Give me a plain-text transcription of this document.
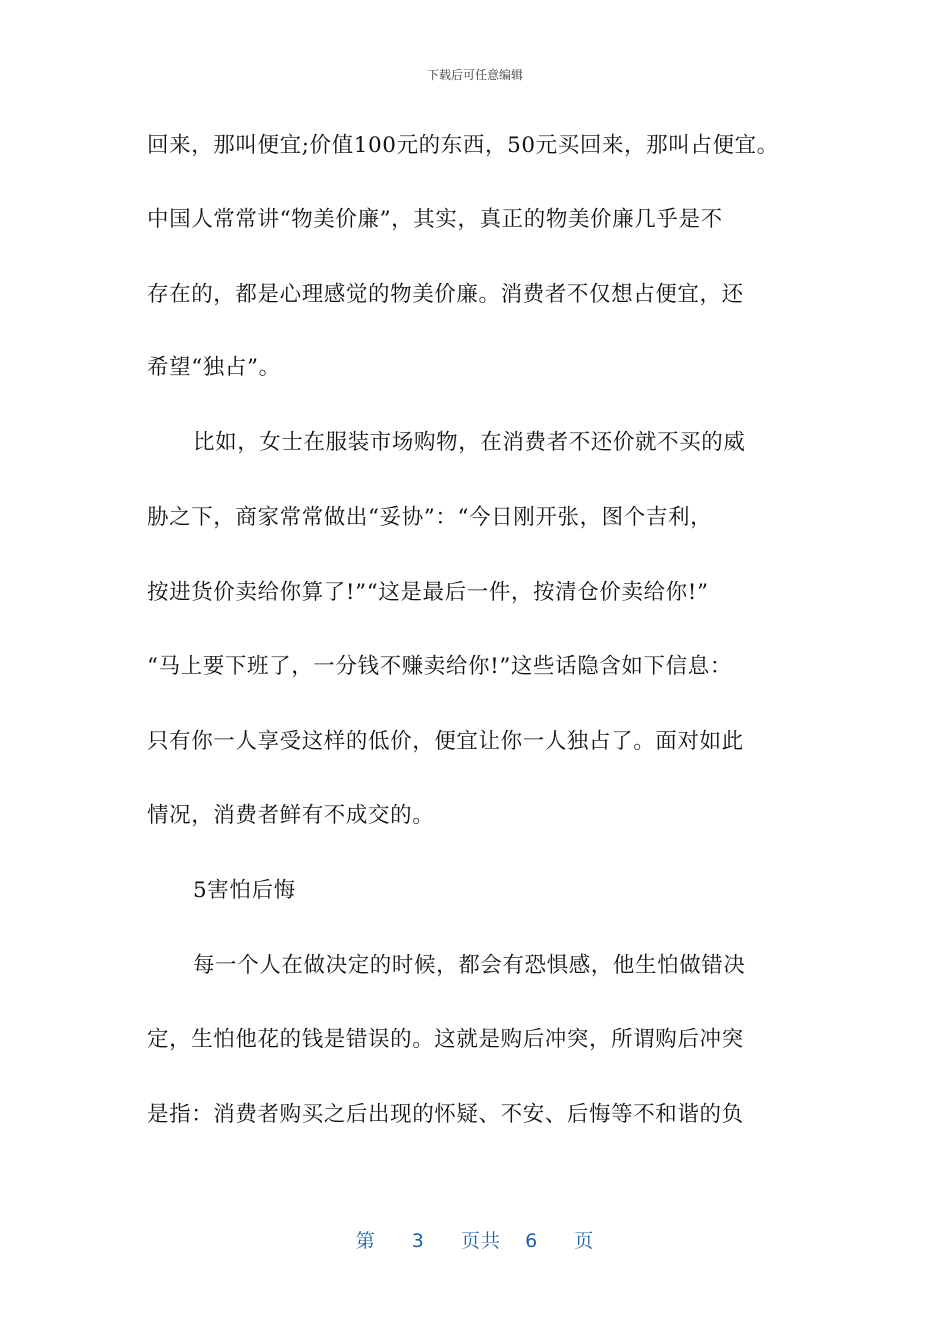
下载后可任意编辑
回来，那叫便宜;价值100元的东西，50元买回来，那叫占便宜。
中国人常常讲“物美价廉”，其实，真正的物美价廉几乎是不
存在的，都是心理感觉的物美价廉。消费者不仅想占便宜，还
希望“独占”。
比如，女士在服装市场购物，在消费者不还价就不买的威
胁之下，商家常常做出“妥协”：“今日刚开张，图个吉利，
按进货价卖给你算了!”“这是最后一件，按清仓价卖给你!”
“马上要下班了，一分钱不赚卖给你!”这些话隐含如下信息：
只有你一人享受这样的低价，便宜让你一人独占了。面对如此
情况，消费者鲜有不成交的。
5害怕后悔
每一个人在做决定的时候，都会有恐惧感，他生怕做错决
定，生怕他花的钱是错误的。这就是购后冲突，所谓购后冲突
是指：消费者购买之后出现的怀疑、不安、后悔等不和谐的负
第 3 页共 6 页
